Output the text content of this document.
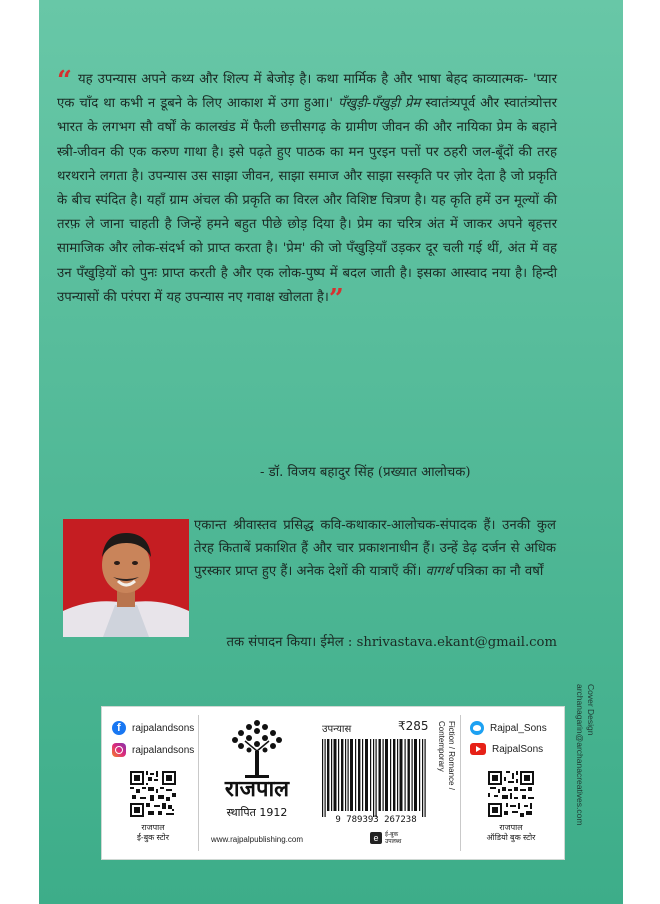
“ यह उपन्यास अपने कथ्य और शिल्प में बेजोड़ है। कथा मार्मिक है और भाषा बेहद काव्यात्मक- 'प्यार एक चाँद था कभी न डूबने के लिए आकाश में उगा हुआ।' पँखुड़ी-पँखुड़ी प्रेम स्वातंत्र्यपूर्व और स्वातंत्र्योत्तर भारत के लगभग सौ वर्षों के कालखंड में फैली छत्तीसगढ़ के ग्रामीण जीवन की और नायिका प्रेम के बहाने स्त्री-जीवन की एक करुण गाथा है। इसे पढ़ते हुए पाठक का मन पुरइन पत्तों पर ठहरी जल-बूँदों की तरह थरथराने लगता है। उपन्यास उस साझा जीवन, साझा समाज और साझा सस्कृति पर ज़ोर देता है जो प्रकृति के बीच स्पंदित है। यहाँ ग्राम अंचल की प्रकृति का विरल और विशिष्ट चित्रण है। यह कृति हमें उन मूल्यों की तरफ़ ले जाना चाहती है जिन्हें हमने बहुत पीछे छोड़ दिया है। प्रेम का चरित्र अंत में जाकर अपने बृहत्तर सामाजिक और लोक-संदर्भ को प्राप्त करता है। 'प्रेम' की जो पँखुड़ियाँ उड़कर दूर चली गई थीं, अंत में वह उन पँखुड़ियों को पुनः प्राप्त करती है और एक लोक-पुष्प में बदल जाती है। इसका आस्वाद नया है। हिन्दी उपन्यासों की परंपरा में यह उपन्यास नए गवाक्ष खोलता है।”
- डॉ. विजय बहादुर सिंह (प्रख्यात आलोचक)
एकान्त श्रीवास्तव प्रसिद्ध कवि-कथाकार-आलोचक-संपादक हैं। उनकी कुल तेरह किताबें प्रकाशित हैं और चार प्रकाशनाधीन हैं। उन्हें डेढ़ दर्जन से अधिक पुरस्कार प्राप्त हुए हैं। अनेक देशों की यात्राएँ कीं। वागर्थ पत्रिका का नौ वर्षों
तक संपादन किया। ईमेल : shrivastava.ekant@gmail.com
f rajpalandsons
rajpalandsons
राजपाल
ई-बुक स्टोर
राजपाल
स्थापित 1912
www.rajpalpublishing.com
उपन्यास	₹285
9 789393 267238
Fiction / Romance / Contemporary
e	ई-बुक
उपलब्ध
Rajpal_Sons
RajpalSons
राजपाल
ऑडियो बुक स्टोर
Cover Design
archanagarin@archanacreatives.com
